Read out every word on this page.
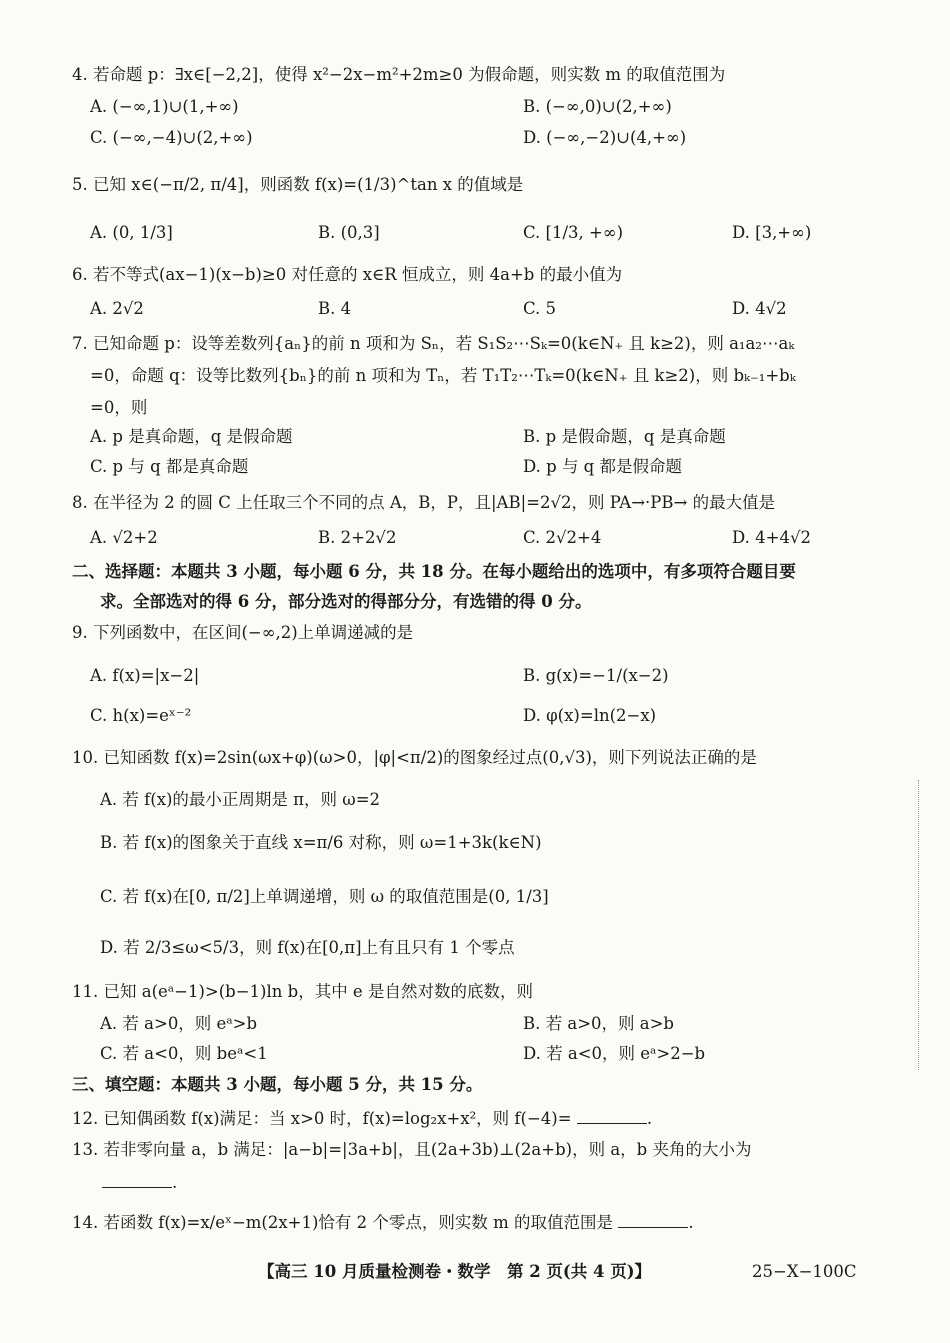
4. 若命题 p：∃x∈[−2,2]，使得 x²−2x−m²+2m≥0 为假命题，则实数 m 的取值范围为
A. (−∞,1)∪(1,+∞)	B. (−∞,0)∪(2,+∞)
C. (−∞,−4)∪(2,+∞)	D. (−∞,−2)∪(4,+∞)
5. 已知 x∈(−π/2, π/4]，则函数 f(x)=(1/3)^tan x 的值域是
A. (0, 1/3]	B. (0,3]	C. [1/3, +∞)	D. [3,+∞)
6. 若不等式(ax−1)(x−b)≥0 对任意的 x∈R 恒成立，则 4a+b 的最小值为
A. 2√2	B. 4	C. 5	D. 4√2
7. 已知命题 p：设等差数列{aₙ}的前 n 项和为 Sₙ，若 S₁S₂⋯Sₖ=0(k∈N₊ 且 k≥2)，则 a₁a₂⋯aₖ
=0，命题 q：设等比数列{bₙ}的前 n 项和为 Tₙ，若 T₁T₂⋯Tₖ=0(k∈N₊ 且 k≥2)，则 bₖ₋₁+bₖ
=0，则
A. p 是真命题，q 是假命题	B. p 是假命题，q 是真命题
C. p 与 q 都是真命题	D. p 与 q 都是假命题
8. 在半径为 2 的圆 C 上任取三个不同的点 A，B，P，且|AB|=2√2，则 PA→·PB→ 的最大值是
A. √2+2	B. 2+2√2	C. 2√2+4	D. 4+4√2
二、选择题：本题共 3 小题，每小题 6 分，共 18 分。在每小题给出的选项中，有多项符合题目要
求。全部选对的得 6 分，部分选对的得部分分，有选错的得 0 分。
9. 下列函数中，在区间(−∞,2)上单调递减的是
A. f(x)=|x−2|	B. g(x)=−1/(x−2)
C. h(x)=eˣ⁻²	D. φ(x)=ln(2−x)
10. 已知函数 f(x)=2sin(ωx+φ)(ω>0，|φ|<π/2)的图象经过点(0,√3)，则下列说法正确的是
A. 若 f(x)的最小正周期是 π，则 ω=2
B. 若 f(x)的图象关于直线 x=π/6 对称，则 ω=1+3k(k∈N)
C. 若 f(x)在[0, π/2]上单调递增，则 ω 的取值范围是(0, 1/3]
D. 若 2/3≤ω<5/3，则 f(x)在[0,π]上有且只有 1 个零点
11. 已知 a(eᵃ−1)>(b−1)ln b，其中 e 是自然对数的底数，则
A. 若 a>0，则 eᵃ>b	B. 若 a>0，则 a>b
C. 若 a<0，则 beᵃ<1	D. 若 a<0，则 eᵃ>2−b
三、填空题：本题共 3 小题，每小题 5 分，共 15 分。
12. 已知偶函数 f(x)满足：当 x>0 时，f(x)=log₂x+x²，则 f(−4)=	.
13. 若非零向量 a，b 满足：|a−b|=|3a+b|，且(2a+3b)⊥(2a+b)，则 a，b 夹角的大小为
.
14. 若函数 f(x)=x/eˣ−m(2x+1)恰有 2 个零点，则实数 m 的取值范围是	.
【高三 10 月质量检测卷・数学　第 2 页(共 4 页)】	25−X−100C
